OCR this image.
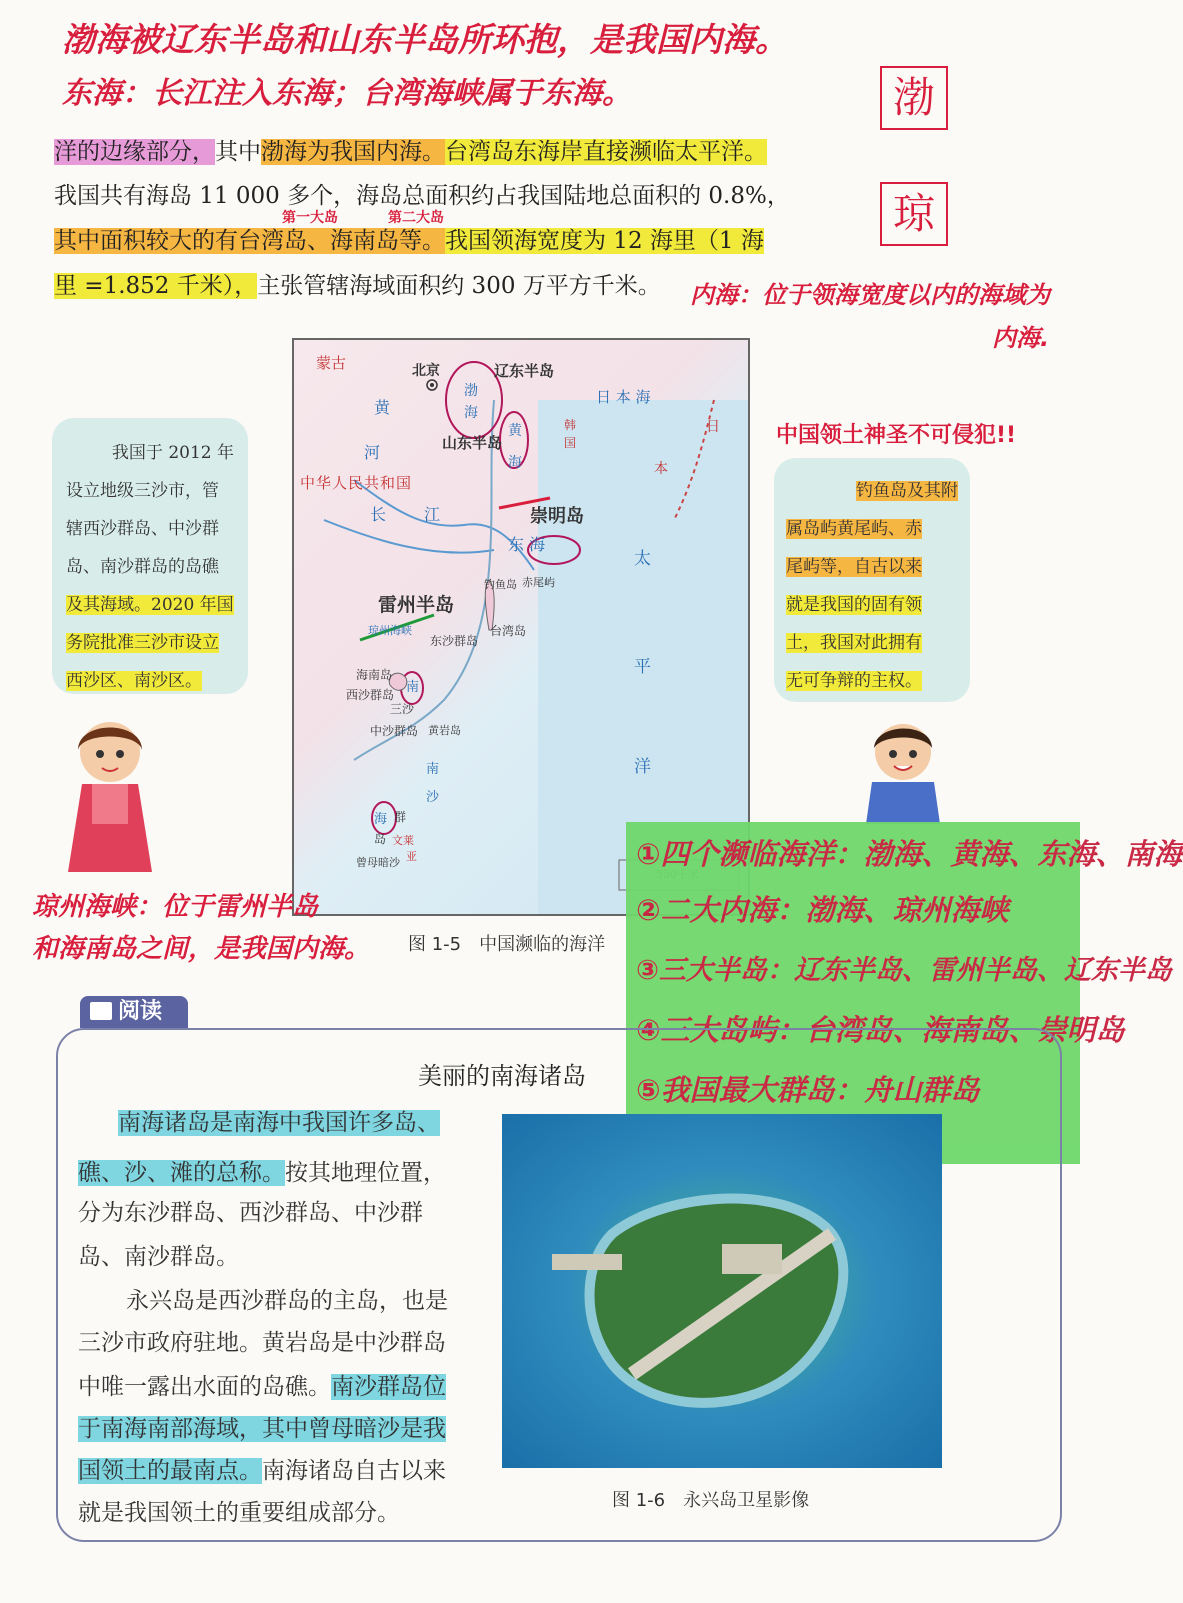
渤海被辽东半岛和山东半岛所环抱，是我国内海。
东海：长江注入东海；台湾海峡属于东海。	渤
琼
洋的边缘部分，其中渤海为我国内海。台湾岛东海岸直接濒临太平洋。
我国共有海岛 11 000 多个，海岛总面积约占我国陆地总面积的 0.8%，
第一大岛	第二大岛
其中面积较大的有台湾岛、海南岛等。我国领海宽度为 12 海里（1 海
里 =1.852 千米），主张管辖海域面积约 300 万平方千米。 内海：位于领海宽度以内的海域为
内海.
蒙古	北京
渤
海
辽东半岛
山东半岛
黄
海
黄
河
中华人民共和国
长 江
日 本 海
日
本
韩
国
崇明岛
东 海
太
平
洋
钓鱼岛 赤尾屿
雷州半岛
琼州海峡
东沙群岛
台湾岛
海南岛
西沙群岛
三沙
南
中沙群岛 黄岩岛
南
沙
海 群
岛 文莱
亚
曾母暗沙
我国于 2012 年
设立地级三沙市，管
辖西沙群岛、中沙群
岛、南沙群岛的岛礁
及其海域。2020 年国
务院批准三沙市设立
西沙区、南沙区。
中国领土神圣不可侵犯!!
钓鱼岛及其附
属岛屿黄尾屿、赤
尾屿等，自古以来
就是我国的固有领
土，我国对此拥有
无可争辩的主权。
琼州海峡：位于雷州半岛
和海南岛之间，是我国内海。 图 1-5　中国濒临的海洋
①四个濒临海洋：渤海、黄海、东海、南海
②二大内海：渤海、琼州海峡
③三大半岛：辽东半岛、雷州半岛、辽东半岛
④三大岛屿：台湾岛、海南岛、崇明岛
⑤我国最大群岛：舟山群岛
阅读
美丽的南海诸岛
南海诸岛是南海中我国许多岛、
礁、沙、滩的总称。按其地理位置，
分为东沙群岛、西沙群岛、中沙群
岛、南沙群岛。
永兴岛是西沙群岛的主岛，也是
三沙市政府驻地。黄岩岛是中沙群岛
中唯一露出水面的岛礁。南沙群岛位
于南海南部海域，其中曾母暗沙是我
国领土的最南点。南海诸岛自古以来
就是我国领土的重要组成部分。	图 1-6　永兴岛卫星影像
